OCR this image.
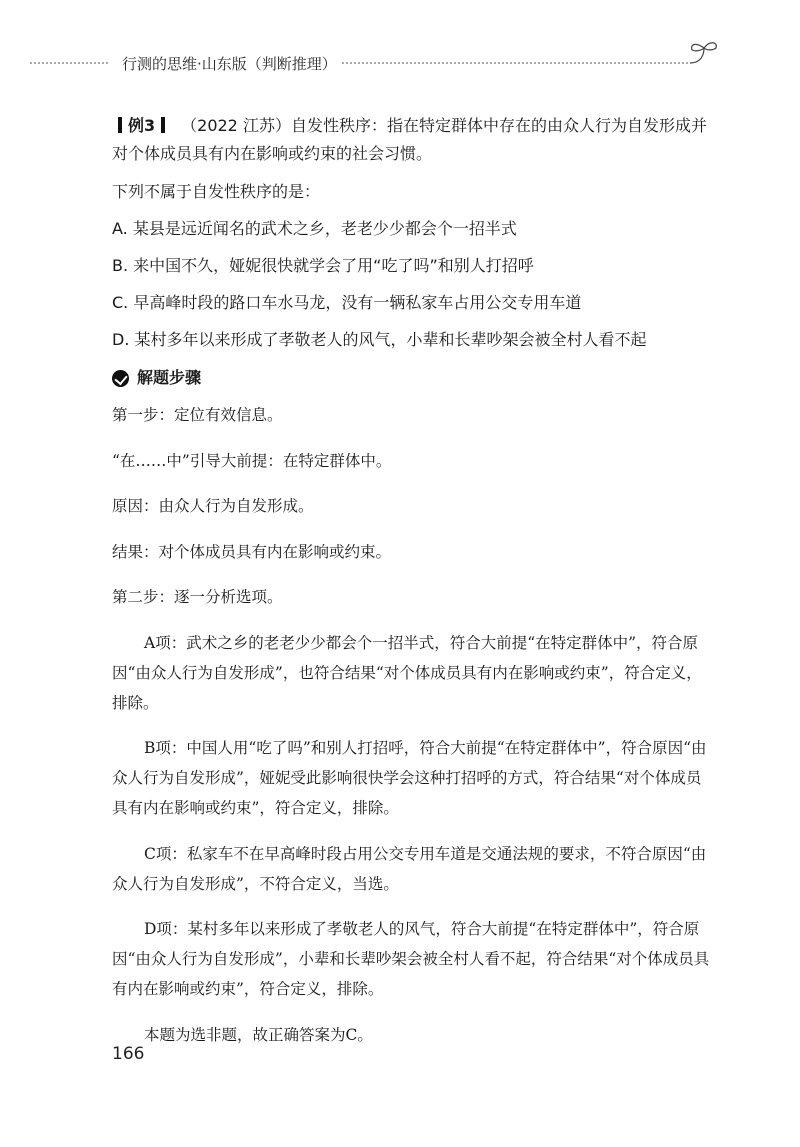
行测的思维·山东版（判断推理）

例3 （2022 江苏）自发性秩序：指在特定群体中存在的由众人行为自发形成并对个体成员具有内在影响或约束的社会习惯。

下列不属于自发性秩序的是：

A. 某县是远近闻名的武术之乡，老老少少都会个一招半式

B. 来中国不久，娅妮很快就学会了用“吃了吗”和别人打招呼

C. 早高峰时段的路口车水马龙，没有一辆私家车占用公交专用车道

D. 某村多年以来形成了孝敬老人的风气，小辈和长辈吵架会被全村人看不起

解题步骤

第一步：定位有效信息。

“在……中”引导大前提：在特定群体中。

原因：由众人行为自发形成。

结果：对个体成员具有内在影响或约束。

第二步：逐一分析选项。

A项：武术之乡的老老少少都会个一招半式，符合大前提“在特定群体中”，符合原因“由众人行为自发形成”，也符合结果“对个体成员具有内在影响或约束”，符合定义，排除。

B项：中国人用“吃了吗”和别人打招呼，符合大前提“在特定群体中”，符合原因“由众人行为自发形成”，娅妮受此影响很快学会这种打招呼的方式，符合结果“对个体成员具有内在影响或约束”，符合定义，排除。

C项：私家车不在早高峰时段占用公交专用车道是交通法规的要求，不符合原因“由众人行为自发形成”，不符合定义，当选。

D项：某村多年以来形成了孝敬老人的风气，符合大前提“在特定群体中”，符合原因“由众人行为自发形成”，小辈和长辈吵架会被全村人看不起，符合结果“对个体成员具有内在影响或约束”，符合定义，排除。

本题为选非题，故正确答案为C。

166
